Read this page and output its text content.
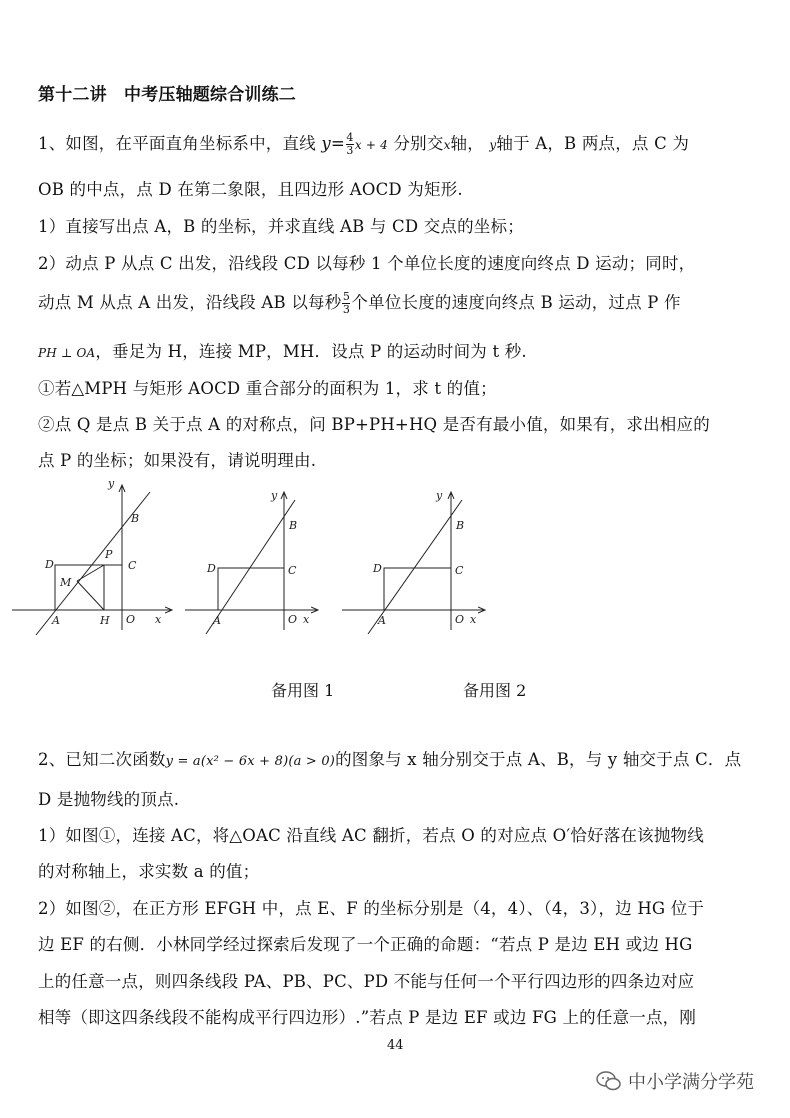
第十二讲　中考压轴题综合训练二
1、如图，在平面直角坐标系中，直线 $y= \frac{4}{3}$ x + 4 分别交x轴， y轴于 A，B 两点，点 C 为
OB 的中点，点 D 在第二象限，且四边形 AOCD 为矩形.
1）直接写出点 A，B 的坐标，并求直线 AB 与 CD 交点的坐标；
2）动点 P 从点 C 出发，沿线段 CD 以每秒 1 个单位长度的速度向终点 D 运动；同时，
动点 M 从点 A 出发，沿线段 AB 以每秒 $\frac{5}{3}$ 个单位长度的速度向终点 B 运动，过点 P 作
PH ⊥ OA，垂足为 H，连接 MP，MH．设点 P 的运动时间为 t 秒.
①若△MPH 与矩形 AOCD 重合部分的面积为 1，求 t 的值；
②点 Q 是点 B 关于点 A 的对称点，问 BP+PH+HQ 是否有最小值，如果有，求出相应的
点 P 的坐标；如果没有，请说明理由.
y
B
P
C
D
M
A	H O x
y
B
C
D
A	O x
y
B
C
D
A	O x
备用图 1	备用图 2
2、已知二次函数y = a(x² − 6x + 8)(a > 0)的图象与 x 轴分别交于点 A、B，与 y 轴交于点 C．点
D 是抛物线的顶点.
1）如图①，连接 AC，将△OAC 沿直线 AC 翻折，若点 O 的对应点 O′恰好落在该抛物线
的对称轴上，求实数 a 的值；
2）如图②，在正方形 EFGH 中，点 E、F 的坐标分别是（4，4）、（4，3），边 HG 位于
边 EF 的右侧．小林同学经过探索后发现了一个正确的命题：“若点 P 是边 EH 或边 HG
上的任意一点，则四条线段 PA、PB、PC、PD 不能与任何一个平行四边形的四条边对应
相等（即这四条线段不能构成平行四边形）.”若点 P 是边 EF 或边 FG 上的任意一点，刚
44
中小学满分学苑
